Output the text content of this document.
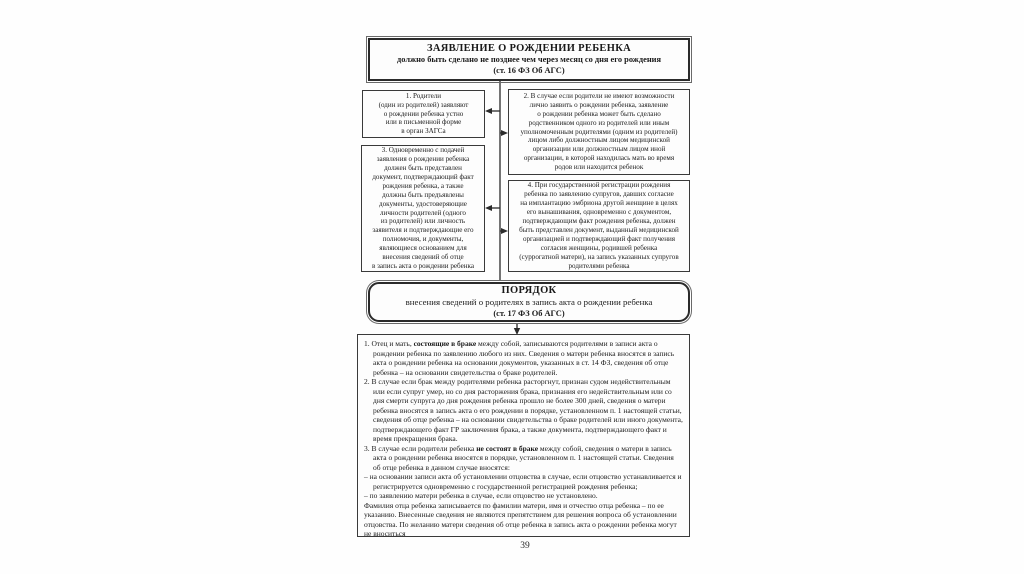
ЗАЯВЛЕНИЕ О РОЖДЕНИИ РЕБЕНКА
должно быть сделано не позднее чем через месяц со дня его рождения
(ст. 16 ФЗ Об АГС)
1. Родители
(один из родителей) заявляют
о рождении ребенка устно
или в письменной форме
в орган ЗАГСа
2. В случае если родители не имеют возможности
лично заявить о рождении ребенка, заявление
о рождении ребенка может быть сделано
родственником одного из родителей или иным
уполномоченным родителями (одним из родителей)
лицом либо должностным лицом медицинской
организации или должностным лицом иной
организации, в которой находилась мать во время
родов или находится ребенок
3. Одновременно с подачей
заявления о рождении ребенка
должен быть представлен
документ, подтверждающий факт
рождения ребенка, а также
должны быть предъявлены
документы, удостоверяющие
личности родителей (одного
из родителей) или личность
заявителя и подтверждающие его
полномочия, и документы,
являющиеся основанием для
внесения сведений об отце
в запись акта о рождении ребенка
4. При государственной регистрации рождения
ребенка по заявлению супругов, давших согласие
на имплантацию эмбриона другой женщине в целях
его вынашивания, одновременно с документом,
подтверждающим факт рождения ребенка, должен
быть представлен документ, выданный медицинской
организацией и подтверждающий факт получения
согласия женщины, родившей ребенка
(суррогатной матери), на запись указанных супругов
родителями ребенка
ПОРЯДОК
внесения сведений о родителях в запись акта о рождении ребенка
(ст. 17 ФЗ Об АГС)
1. Отец и мать, состоящие в браке между собой, записываются родителями в записи акта о рождении ребенка по заявлению любого из них. Сведения о матери ребенка вносятся в запись акта о рождении ребенка на основании документов, указанных в ст. 14 ФЗ, сведения об отце ребенка – на основании свидетельства о браке родителей.
2. В случае если брак между родителями ребенка расторгнут, признан судом недействительным или если супруг умер, но со дня расторжения брака, признания его недействительным или со дня смерти супруга до дня рождения ребенка прошло не более 300 дней, сведения о матери ребенка вносятся в запись акта о его рождении в порядке, установленном п. 1 настоящей статьи, сведения об отце ребенка – на основании свидетельства о браке родителей или иного документа, подтверждающего факт ГР заключения брака, а также документа, подтверждающего факт и время прекращения брака.
3. В случае если родители ребенка не состоят в браке между собой, сведения о матери в запись акта о рождении ребенка вносятся в порядке, установленном п. 1 настоящей статьи. Сведения об отце ребенка в данном случае вносятся:
– на основании записи акта об установлении отцовства в случае, если отцовство устанавливается и регистрируется одновременно с государственной регистрацией рождения ребенка;
– по заявлению матери ребенка в случае, если отцовство не установлено.
Фамилия отца ребенка записывается по фамилии матери, имя и отчество отца ребенка – по ее указанию. Внесенные сведения не являются препятствием для решения вопроса об установлении отцовства. По желанию матери сведения об отце ребенка в запись акта о рождении ребенка могут не вноситься
39
